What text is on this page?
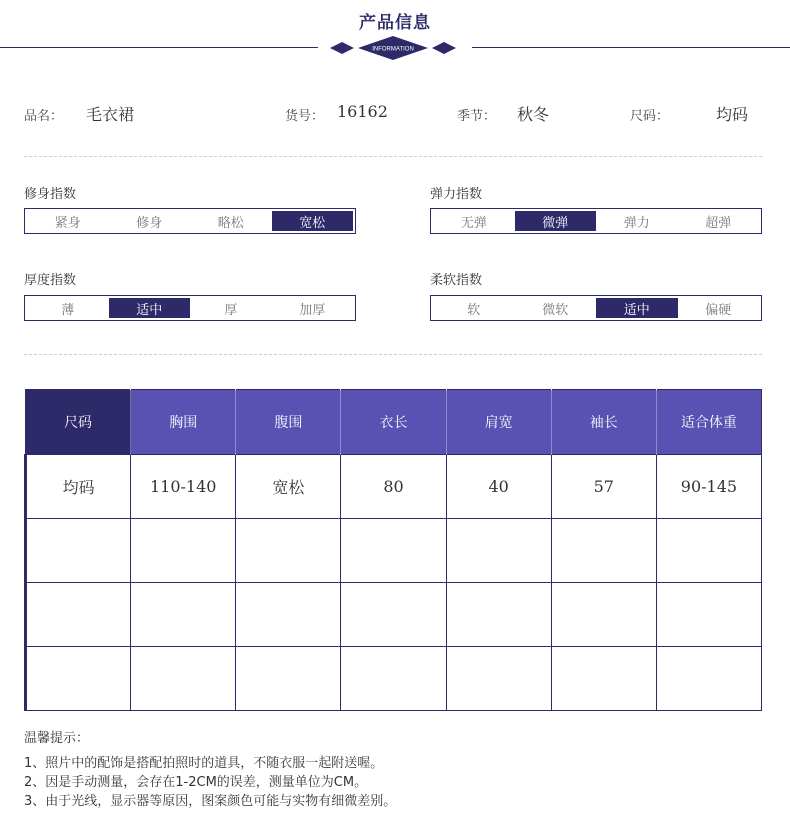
产品信息
INFORMATION
品名： 毛衣裙	货号： 16162	季节： 秋冬	尺码：	均码
修身指数
紧身	修身	略松	宽松
弹力指数
无弹	微弹	弹力	超弹
厚度指数
薄	适中	厚	加厚
柔软指数
软	微软	适中	偏硬
尺码	胸围	腹围	衣长	肩宽	袖长	适合体重
均码	110-140	宽松	80	40	57	90-145

温馨提示：
1、照片中的配饰是搭配拍照时的道具，不随衣服一起附送喔。
2、因是手动测量，会存在1-2CM的误差，测量单位为CM。
3、由于光线，显示器等原因，图案颜色可能与实物有细微差别。
